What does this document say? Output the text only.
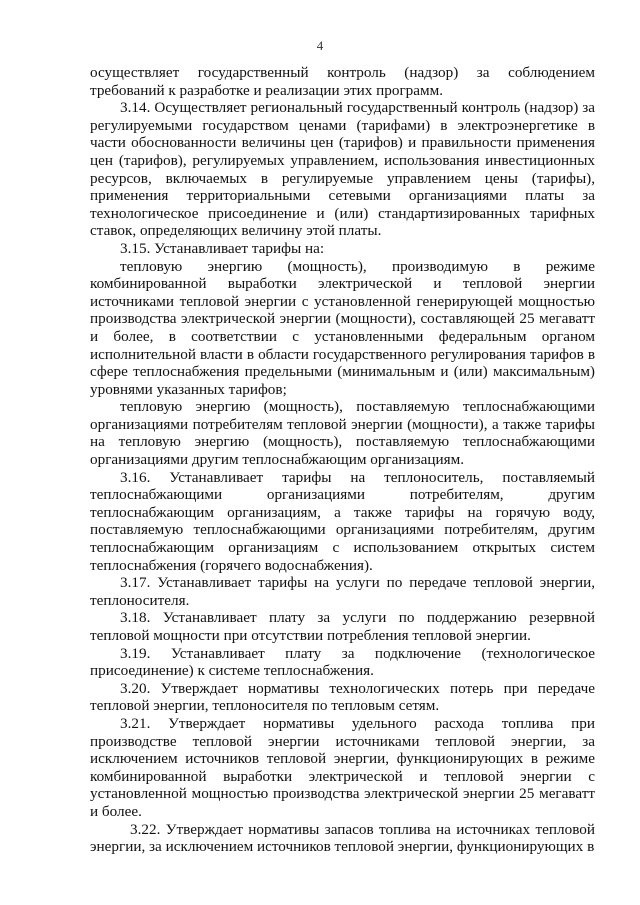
4

осуществляет государственный контроль (надзор) за соблюдением требований к разработке и реализации этих программ.

3.14. Осуществляет региональный государственный контроль (надзор) за регулируемыми государством ценами (тарифами) в электроэнергетике в части обоснованности величины цен (тарифов) и правильности применения цен (тарифов), регулируемых управлением, использования инвестиционных ресурсов, включаемых в регулируемые управлением цены (тарифы), применения территориальными сетевыми организациями платы за технологическое присоединение и (или) стандартизированных тарифных ставок, определяющих величину этой платы.

3.15. Устанавливает тарифы на:

тепловую энергию (мощность), производимую в режиме комбинированной выработки электрической и тепловой энергии источниками тепловой энергии с установленной генерирующей мощностью производства электрической энергии (мощности), составляющей 25 мегаватт и более, в соответствии с установленными федеральным органом исполнительной власти в области государственного регулирования тарифов в сфере теплоснабжения предельными (минимальным и (или) максимальным) уровнями указанных тарифов;

тепловую энергию (мощность), поставляемую теплоснабжающими организациями потребителям тепловой энергии (мощности), а также тарифы на тепловую энергию (мощность), поставляемую теплоснабжающими организациями другим теплоснабжающим организациям.

3.16. Устанавливает тарифы на теплоноситель, поставляемый теплоснабжающими организациями потребителям, другим теплоснабжающим организациям, а также тарифы на горячую воду, поставляемую теплоснабжающими организациями потребителям, другим теплоснабжающим организациям с использованием открытых систем теплоснабжения (горячего водоснабжения).

3.17. Устанавливает тарифы на услуги по передаче тепловой энергии, теплоносителя.

3.18. Устанавливает плату за услуги по поддержанию резервной тепловой мощности при отсутствии потребления тепловой энергии.

3.19. Устанавливает плату за подключение (технологическое присоединение) к системе теплоснабжения.

3.20. Утверждает нормативы технологических потерь при передаче тепловой энергии, теплоносителя по тепловым сетям.

3.21. Утверждает нормативы удельного расхода топлива при производстве тепловой энергии источниками тепловой энергии, за исключением источников тепловой энергии, функционирующих в режиме комбинированной выработки электрической и тепловой энергии с установленной мощностью производства электрической энергии 25 мегаватт и более.

3.22. Утверждает нормативы запасов топлива на источниках тепловой энергии, за исключением источников тепловой энергии, функционирующих в
